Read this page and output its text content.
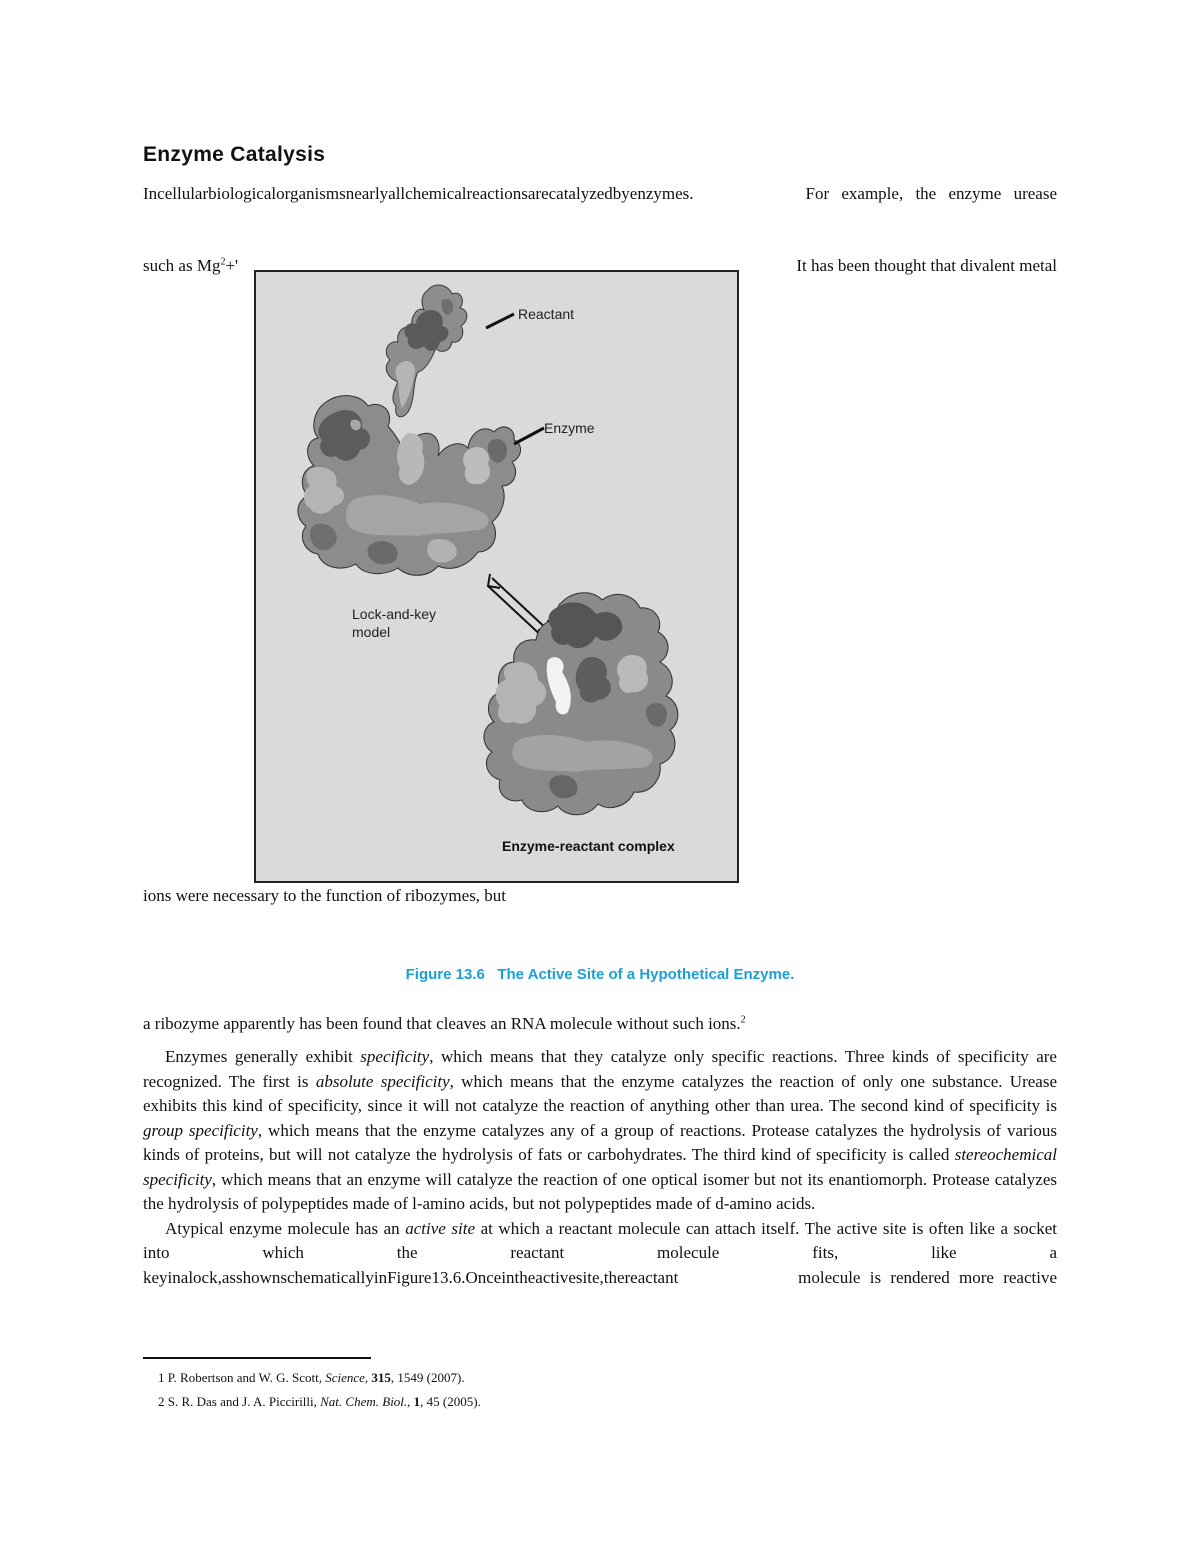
Enzyme Catalysis
Incellularbiologicalorganismsnearlyallchemicalreactionsarecatalyzedbyenzymes.	For example, the enzyme urease
such as $Mg^2+'$	It has been thought that divalent metal
Reactant
Enzyme
Lock-and-key
model
Enzyme-reactant complex
ions were necessary to the function of ribozymes, but
Figure 13.6   The Active Site of a Hypothetical Enzyme.
a ribozyme apparently has been found that cleaves an RNA molecule without such ions.$^2$

Enzymes generally exhibit specificity, which means that they catalyze only specific reactions. Three kinds of specificity are recognized. The first is absolute specificity, which means that the enzyme catalyzes the reaction of only one substance. Urease exhibits this kind of specificity, since it will not catalyze the reaction of anything other than urea. The second kind of specificity is group specificity, which means that the enzyme catalyzes any of a group of reactions. Protease catalyzes the hydrolysis of various kinds of proteins, but will not catalyze the hydrolysis of fats or carbohydrates. The third kind of specificity is called stereochemical specificity, which means that an enzyme will catalyze the reaction of one optical isomer but not its enantiomorph. Protease catalyzes the hydrolysis of polypeptides made of l-amino acids, but not polypeptides made of d-amino acids.

Atypical enzyme molecule has an active site at which a reactant molecule can attach itself. The active site is often like a socket into which the reactant molecule fits, like a

keyinalock,asshownschematicallyinFigure13.6.Onceintheactivesite,thereactant	molecule is rendered more reactive
1 P. Robertson and W. G. Scott, Science, 315, 1549 (2007).
2 S. R. Das and J. A. Piccirilli, Nat. Chem. Biol., 1, 45 (2005).
